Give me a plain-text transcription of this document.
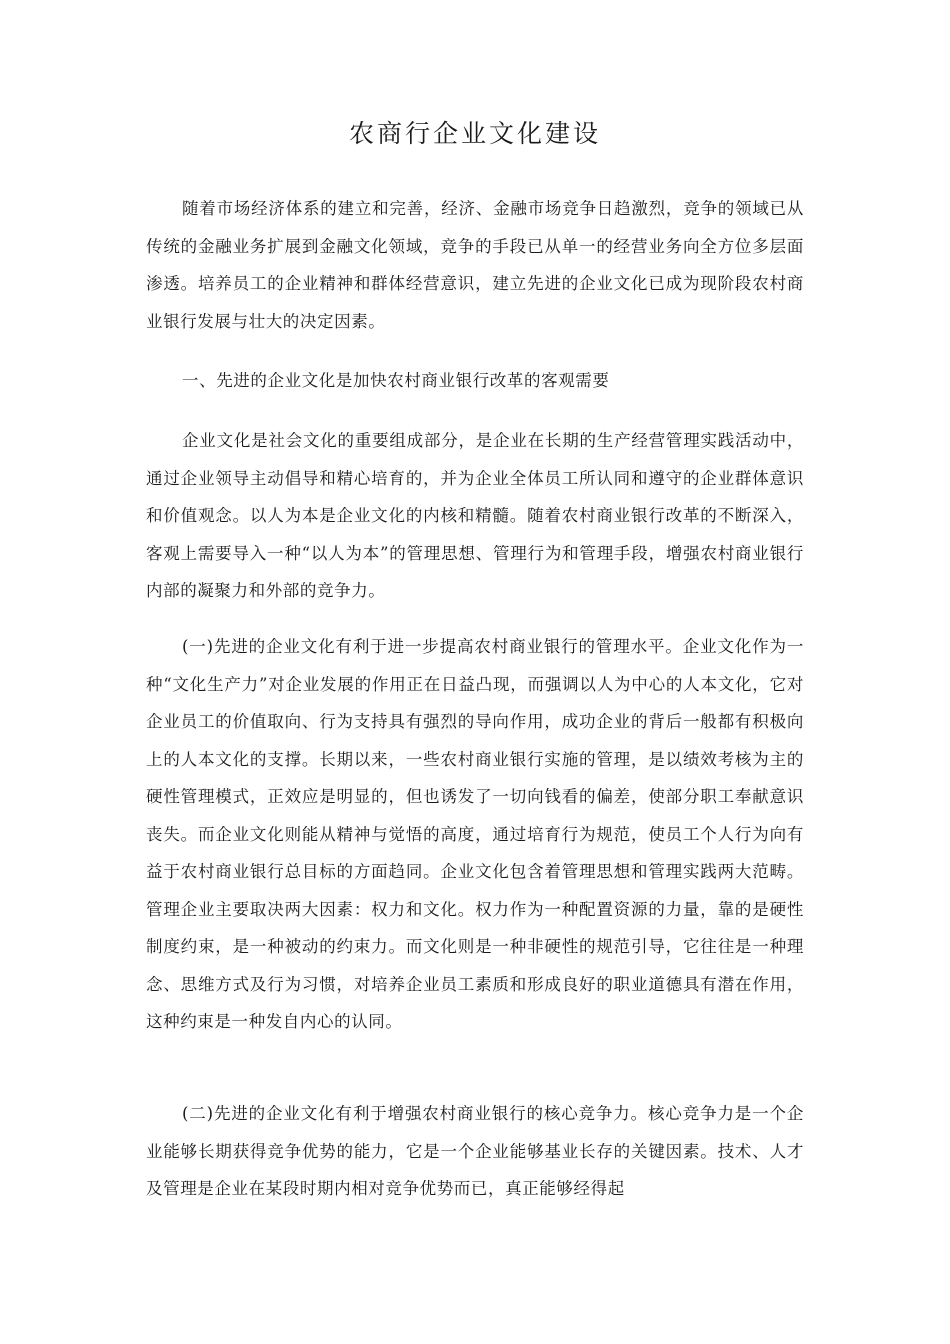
农商行企业文化建设

随着市场经济体系的建立和完善，经济、金融市场竞争日趋激烈，竞争的领域已从传统的金融业务扩展到金融文化领域，竞争的手段已从单一的经营业务向全方位多层面渗透。培养员工的企业精神和群体经营意识，建立先进的企业文化已成为现阶段农村商业银行发展与壮大的决定因素。

一、先进的企业文化是加快农村商业银行改革的客观需要

企业文化是社会文化的重要组成部分，是企业在长期的生产经营管理实践活动中，通过企业领导主动倡导和精心培育的，并为企业全体员工所认同和遵守的企业群体意识和价值观念。以人为本是企业文化的内核和精髓。随着农村商业银行改革的不断深入，客观上需要导入一种“以人为本”的管理思想、管理行为和管理手段，增强农村商业银行内部的凝聚力和外部的竞争力。

(一)先进的企业文化有利于进一步提高农村商业银行的管理水平。企业文化作为一种“文化生产力”对企业发展的作用正在日益凸现，而强调以人为中心的人本文化，它对企业员工的价值取向、行为支持具有强烈的导向作用，成功企业的背后一般都有积极向上的人本文化的支撑。长期以来，一些农村商业银行实施的管理，是以绩效考核为主的硬性管理模式，正效应是明显的，但也诱发了一切向钱看的偏差，使部分职工奉献意识丧失。而企业文化则能从精神与觉悟的高度，通过培育行为规范，使员工个人行为向有益于农村商业银行总目标的方面趋同。企业文化包含着管理思想和管理实践两大范畴。管理企业主要取决两大因素：权力和文化。权力作为一种配置资源的力量，靠的是硬性制度约束，是一种被动的约束力。而文化则是一种非硬性的规范引导，它往往是一种理念、思维方式及行为习惯，对培养企业员工素质和形成良好的职业道德具有潜在作用，这种约束是一种发自内心的认同。

(二)先进的企业文化有利于增强农村商业银行的核心竞争力。核心竞争力是一个企业能够长期获得竞争优势的能力，它是一个企业能够基业长存的关键因素。技术、人才及管理是企业在某段时期内相对竞争优势而已，真正能够经得起
